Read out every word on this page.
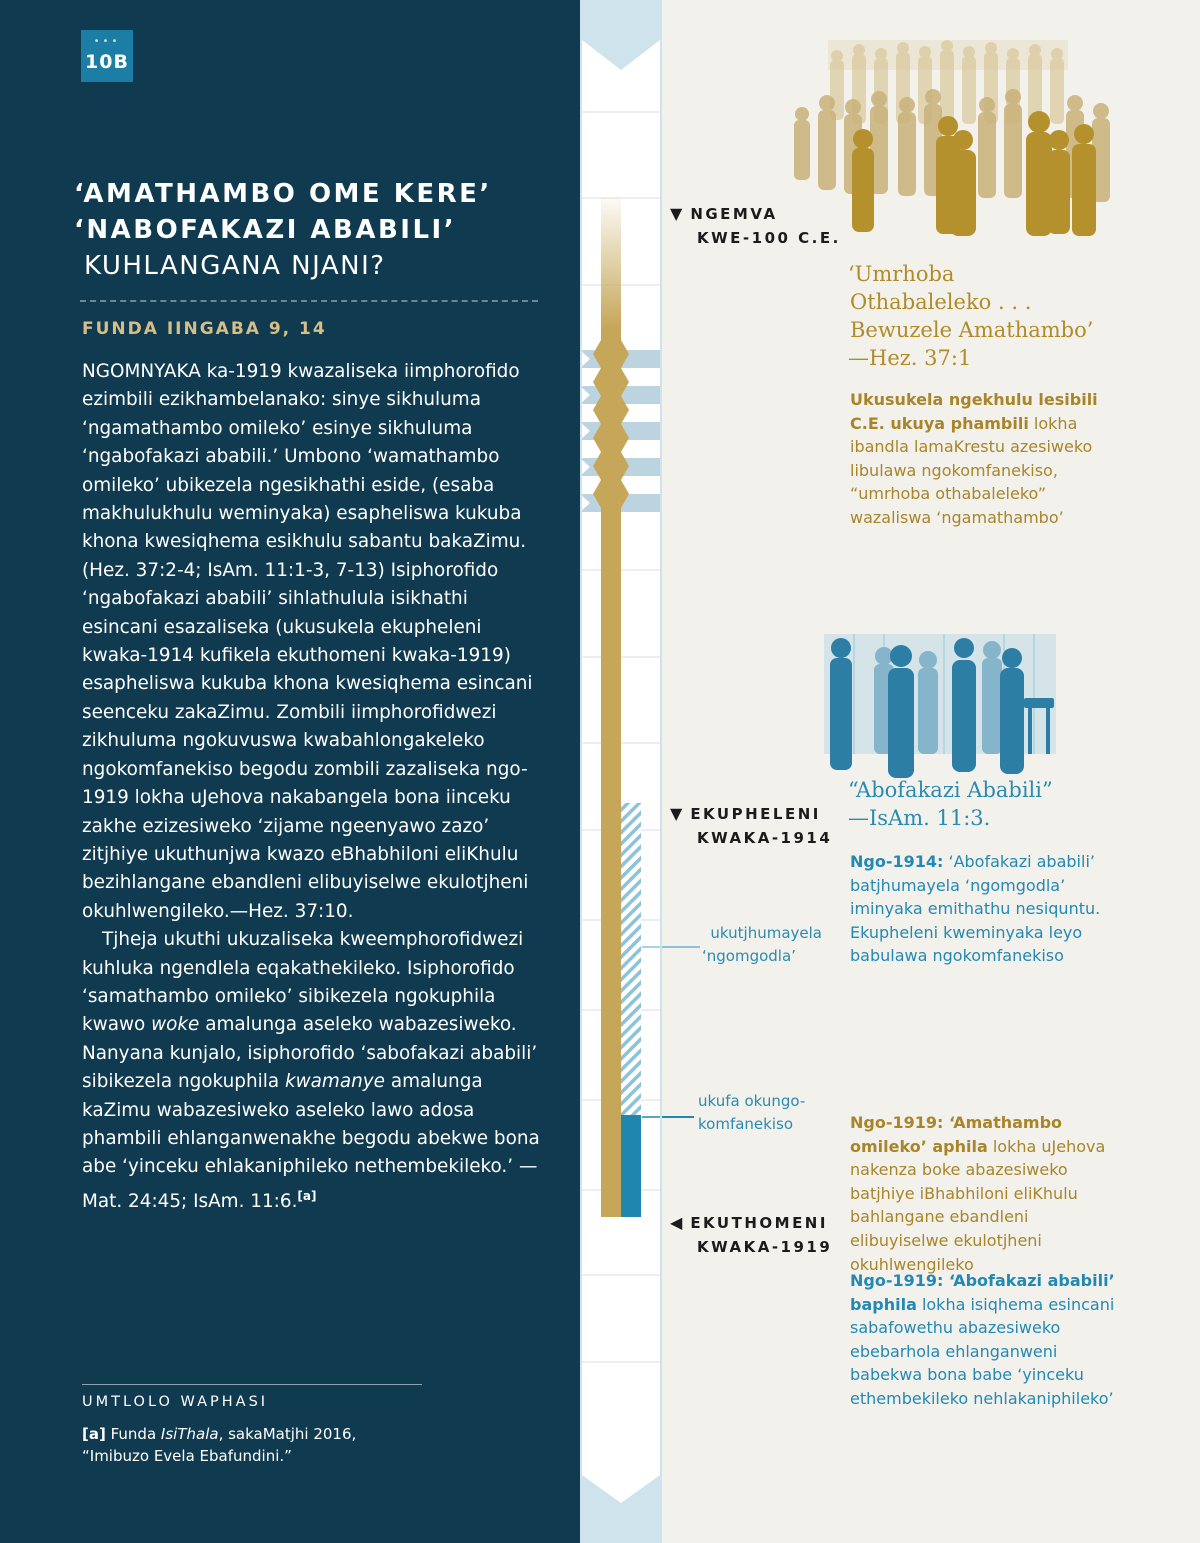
•••
10B
‘AMATHAMBO OME KERE’
‘NABOFAKAZI ABABILI’
KUHLANGANA NJANI?
FUNDA IINGABA 9, 14

NGOMNYAKA ka-1919 kwazaliseka iimphorofido ezimbili ezikhambelanako: sinye sikhuluma ‘ngamathambo omileko’ esinye sikhuluma ‘ngabofakazi ababili.’ Umbono ‘wamathambo omileko’ ubikezela ngesikhathi eside, (esaba makhulukhulu weminyaka) esapheliswa kukuba khona kwesiqhema esikhulu sabantu bakaZimu. (Hez. 37:2-4; IsAm. 11:1-3, 7-13) Isiphorofido ‘ngabofakazi ababili’ sihlathulula isikhathi esincani esazaliseka (ukusukela ekupheleni kwaka-1914 kufikela ekuthomeni kwaka-1919) esapheliswa kukuba khona kwesiqhema esincani seenceku zakaZimu. Zombili iimphorofidwezi zikhuluma ngokuvuswa kwabahlongakeleko ngokomfanekiso begodu zombili zazaliseka ngo-1919 lokha uJehova nakabangela bona iinceku zakhe ezizesiweko ‘zijame ngeenyawo zazo’ zitjhiye ukuthunjwa kwazo eBhabhiloni eliKhulu bezihlangane ebandleni elibuyiselwe ekulotjheni okuhlwengileko.—Hez. 37:10.

Tjheja ukuthi ukuzaliseka kweemphorofidwezi kuhluka ngendlela eqakathekileko. Isiphorofido ‘samathambo omileko’ sibikezela ngokuphila kwawo woke amalunga aseleko wabazesiweko. Nanyana kunjalo, isiphorofido ‘sabofakazi ababili’ sibikezela ngokuphila kwamanye amalunga kaZimu wabazesiweko aseleko lawo adosa phambili ehlanganwenakhe begodu abekwe bona abe ‘yinceku ehlakaniphileko nethembekileko.’ —Mat. 24:45; IsAm. 11:6.[a]

UMTLOLO WAPHASI
[a] Funda IsiThala, sakaMatjhi 2016, “Imibuzo Evela Ebafundini.”
▼ NGEMVA
KWE-100 C.E.
▼ EKUPHELENI
KWAKA-1914
◀ EKUTHOMENI
KWAKA-1919
ukutjhumayela
‘ngomgodla’
ukufa okungo-
komfanekiso
‘Umrhoba
Othabaleleko . . .
Bewuzele Amathambo’
—Hez. 37:1
Ukusukela ngekhulu lesibili C.E. ukuya phambili lokha ibandla lamaKrestu azesiweko libulawa ngokomfanekiso, “umrhoba othabaleleko” wazaliswa ‘ngamathambo’
“Abofakazi Ababili”
—IsAm. 11:3.
Ngo-1914: ‘Abofakazi ababili’ batjhumayela ‘ngomgodla’ iminyaka emithathu nesiquntu. Ekupheleni kweminyaka leyo babulawa ngokomfanekiso
Ngo-1919: ‘Amathambo omileko’ aphila lokha uJehova nakenza boke abazesiweko batjhiye iBhabhiloni eliKhulu bahlangane ebandleni elibuyiselwe ekulotjheni okuhlwengileko
Ngo-1919: ‘Abofakazi ababili’ baphila lokha isiqhema esincani sabafowethu abazesiweko ebebarhola ehlanganweni babekwa bona babe ‘yinceku ethembekileko nehlakaniphileko’
